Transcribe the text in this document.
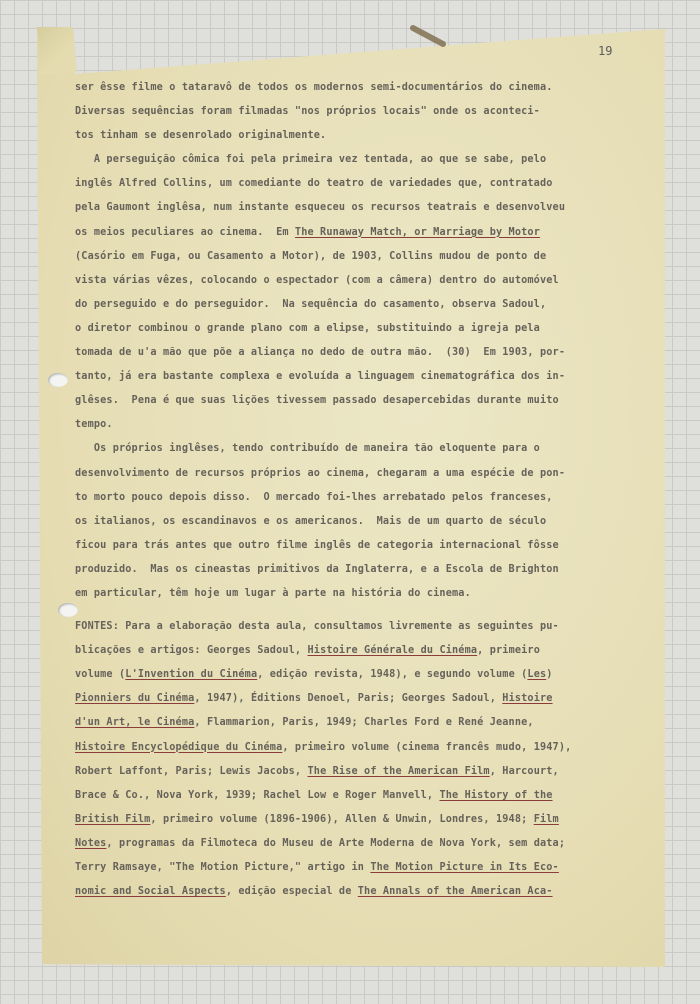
19
ser êsse filme o tataravô de todos os modernos semi-documentários do cinema.
Diversas sequências foram filmadas "nos próprios locais" onde os aconteci-
tos tinham se desenrolado originalmente.
A perseguição cômica foi pela primeira vez tentada, ao que se sabe, pelo
inglês Alfred Collins, um comediante do teatro de variedades que, contratado
pela Gaumont inglêsa, num instante esqueceu os recursos teatrais e desenvolveu
os meios peculiares ao cinema.  Em The Runaway Match, or Marriage by Motor
(Casório em Fuga, ou Casamento a Motor), de 1903, Collins mudou de ponto de
vista várias vêzes, colocando o espectador (com a câmera) dentro do automóvel
do perseguido e do perseguidor.  Na sequência do casamento, observa Sadoul,
o diretor combinou o grande plano com a elipse, substituindo a igreja pela
tomada de u'a mão que põe a aliança no dedo de outra mão.  (30)  Em 1903, por-
tanto, já era bastante complexa e evoluída a linguagem cinematográfica dos in-
glêses.  Pena é que suas lições tivessem passado desapercebidas durante muito
tempo.
Os próprios inglêses, tendo contribuído de maneira tão eloquente para o
desenvolvimento de recursos próprios ao cinema, chegaram a uma espécie de pon-
to morto pouco depois disso.  O mercado foi-lhes arrebatado pelos franceses,
os italianos, os escandinavos e os americanos.  Mais de um quarto de século
ficou para trás antes que outro filme inglês de categoria internacional fôsse
produzido.  Mas os cineastas primitivos da Inglaterra, e a Escola de Brighton
em particular, têm hoje um lugar à parte na história do cinema.
FONTES: Para a elaboração desta aula, consultamos livremente as seguintes pu-
blicações e artigos: Georges Sadoul, Histoire Générale du Cinéma, primeiro
volume (L'Invention du Cinéma, edição revista, 1948), e segundo volume (Les)
Pionniers du Cinéma, 1947), Éditions Denoel, Paris; Georges Sadoul, Histoire
d'un Art, le Cinéma, Flammarion, Paris, 1949; Charles Ford e René Jeanne,
Histoire Encyclopédique du Cinéma, primeiro volume (cinema francês mudo, 1947),
Robert Laffont, Paris; Lewis Jacobs, The Rise of the American Film, Harcourt,
Brace & Co., Nova York, 1939; Rachel Low e Roger Manvell, The History of the
British Film, primeiro volume (1896-1906), Allen & Unwin, Londres, 1948; Film
Notes, programas da Filmoteca do Museu de Arte Moderna de Nova York, sem data;
Terry Ramsaye, "The Motion Picture," artigo in The Motion Picture in Its Eco-
nomic and Social Aspects, edição especial de The Annals of the American Aca-
